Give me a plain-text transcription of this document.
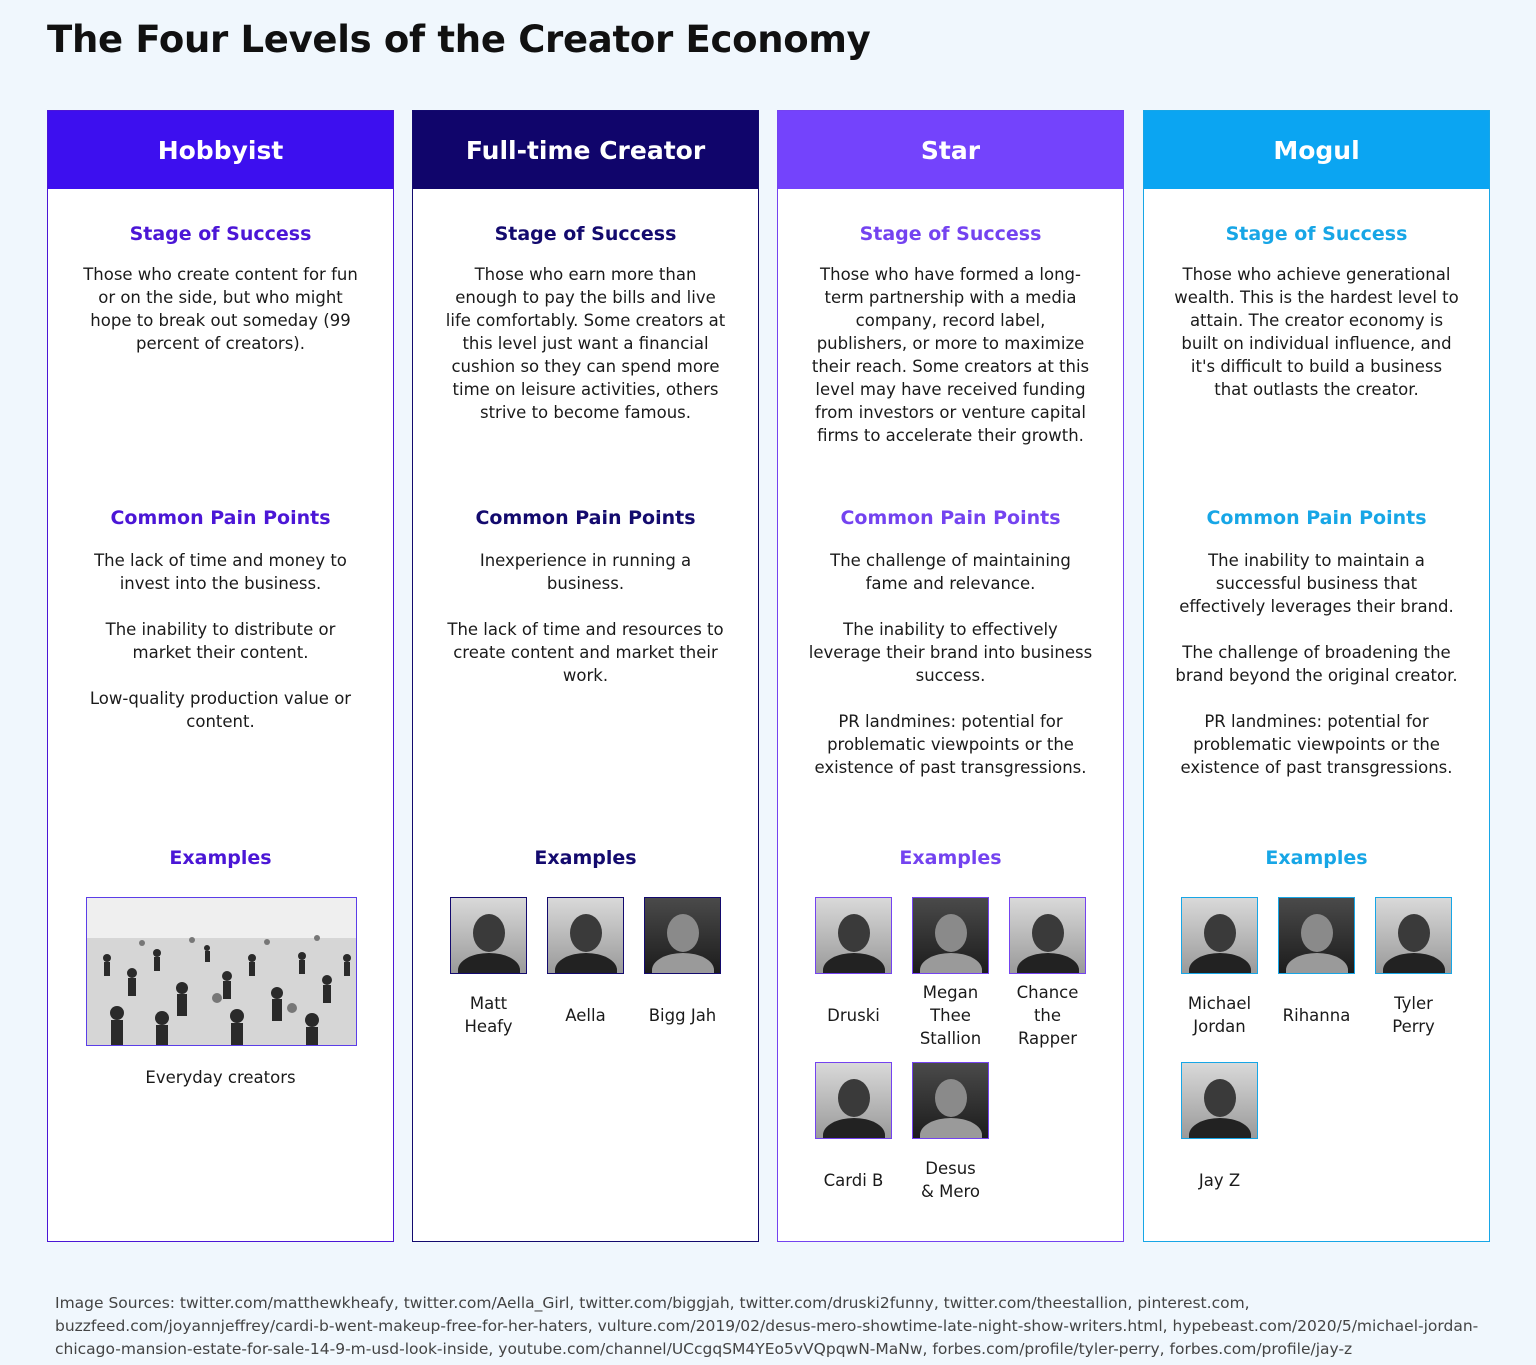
The Four Levels of the Creator Economy
Hobbyist
Stage of Success
Those who create content for fun or on the side, but who might hope to break out someday (99 percent of creators).
Common Pain Points

The lack of time and money to invest into the business.

The inability to distribute or market their content.

Low-quality production value or content.

Examples
Everyday creators
Full-time Creator
Stage of Success
Those who earn more than enough to pay the bills and live life comfortably. Some creators at this level just want a financial cushion so they can spend more time on leisure activities, others strive to become famous.
Common Pain Points

Inexperience in running a business.

The lack of time and resources to create content and market their work.

Examples
Matt Heafy
Aella	Bigg Jah
Star
Stage of Success
Those who have formed a long-term partnership with a media company, record label, publishers, or more to maximize their reach. Some creators at this level may have received funding from investors or venture capital firms to accelerate their growth.
Common Pain Points

The challenge of maintaining fame and relevance.

The inability to effectively leverage their brand into business success.

PR landmines: potential for problematic viewpoints or the existence of past transgressions.

Examples
Druski
Megan Thee Stallion
Chance the Rapper
Cardi B
Desus & Mero
Mogul
Stage of Success
Those who achieve generational wealth. This is the hardest level to attain. The creator economy is built on individual influence, and it's difficult to build a business that outlasts the creator.
Common Pain Points

The inability to maintain a successful business that effectively leverages their brand.

The challenge of broadening the brand beyond the original creator.

PR landmines: potential for problematic viewpoints or the existence of past transgressions.

Examples
Michael Jordan
Rihanna
Tyler Perry
Jay Z
Image Sources: twitter.com/matthewkheafy, twitter.com/Aella_Girl, twitter.com/biggjah, twitter.com/druski2funny, twitter.com/theestallion, pinterest.com, buzzfeed.com/joyannjeffrey/cardi-b-went-makeup-free-for-her-haters, vulture.com/2019/02/desus-mero-showtime-late-night-show-writers.html, hypebeast.com/2020/5/michael-jordan-chicago-mansion-estate-for-sale-14-9-m-usd-look-inside, youtube.com/channel/UCcgqSM4YEo5vVQpqwN-MaNw, forbes.com/profile/tyler-perry, forbes.com/profile/jay-z
